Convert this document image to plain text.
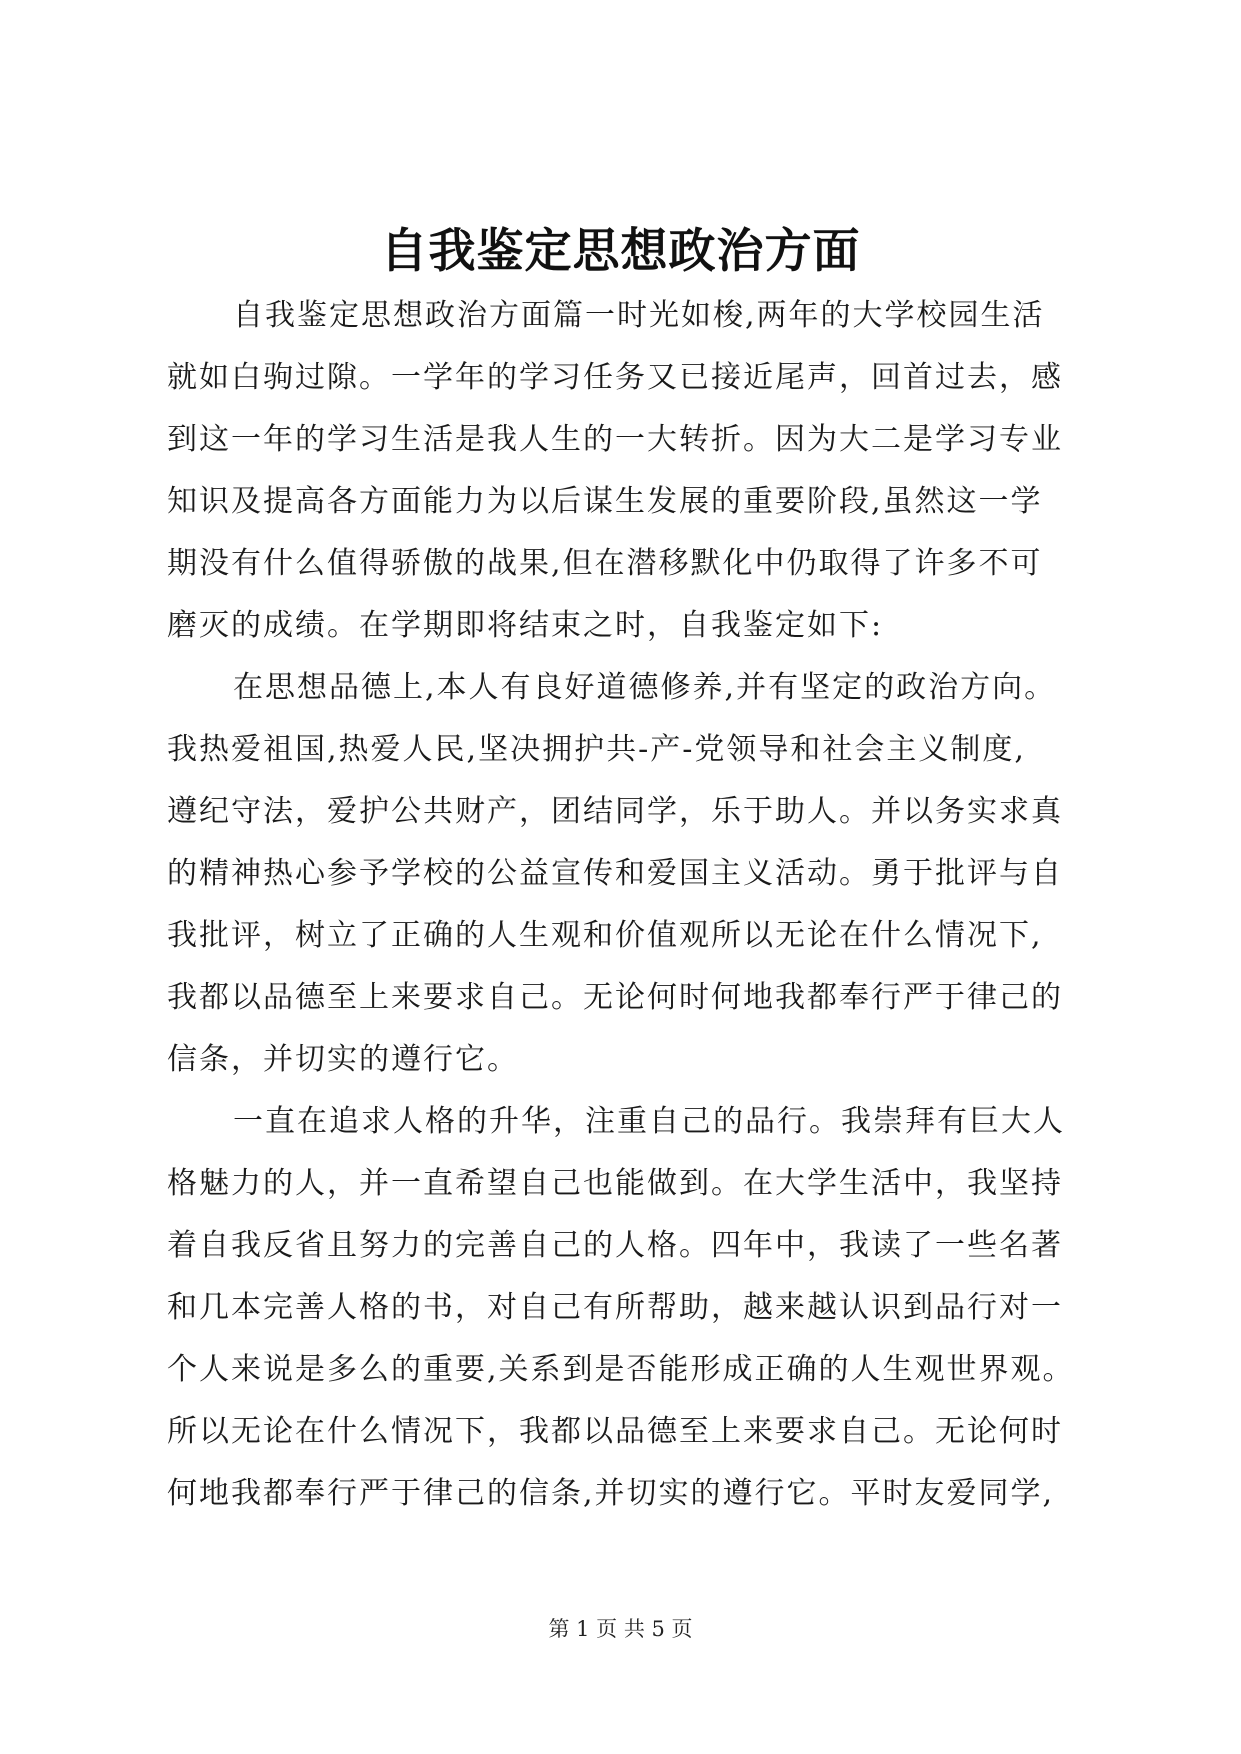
自我鉴定思想政治方面
自我鉴定思想政治方面篇一时光如梭,两年的大学校园生活
就如白驹过隙。一学年的学习任务又已接近尾声，回首过去，感
到这一年的学习生活是我人生的一大转折。因为大二是学习专业
知识及提高各方面能力为以后谋生发展的重要阶段,虽然这一学
期没有什么值得骄傲的战果,但在潜移默化中仍取得了许多不可
磨灭的成绩。在学期即将结束之时，自我鉴定如下:
在思想品德上,本人有良好道德修养,并有坚定的政治方向。
我热爱祖国,热爱人民,坚决拥护共-产-党领导和社会主义制度,
遵纪守法，爱护公共财产，团结同学，乐于助人。并以务实求真
的精神热心参予学校的公益宣传和爱国主义活动。勇于批评与自
我批评，树立了正确的人生观和价值观所以无论在什么情况下,
我都以品德至上来要求自己。无论何时何地我都奉行严于律己的
信条，并切实的遵行它。
一直在追求人格的升华，注重自己的品行。我崇拜有巨大人
格魅力的人，并一直希望自己也能做到。在大学生活中，我坚持
着自我反省且努力的完善自己的人格。四年中，我读了一些名著
和几本完善人格的书，对自己有所帮助，越来越认识到品行对一
个人来说是多么的重要,关系到是否能形成正确的人生观世界观。
所以无论在什么情况下，我都以品德至上来要求自己。无论何时
何地我都奉行严于律己的信条,并切实的遵行它。平时友爱同学,
第 1 页 共 5 页
